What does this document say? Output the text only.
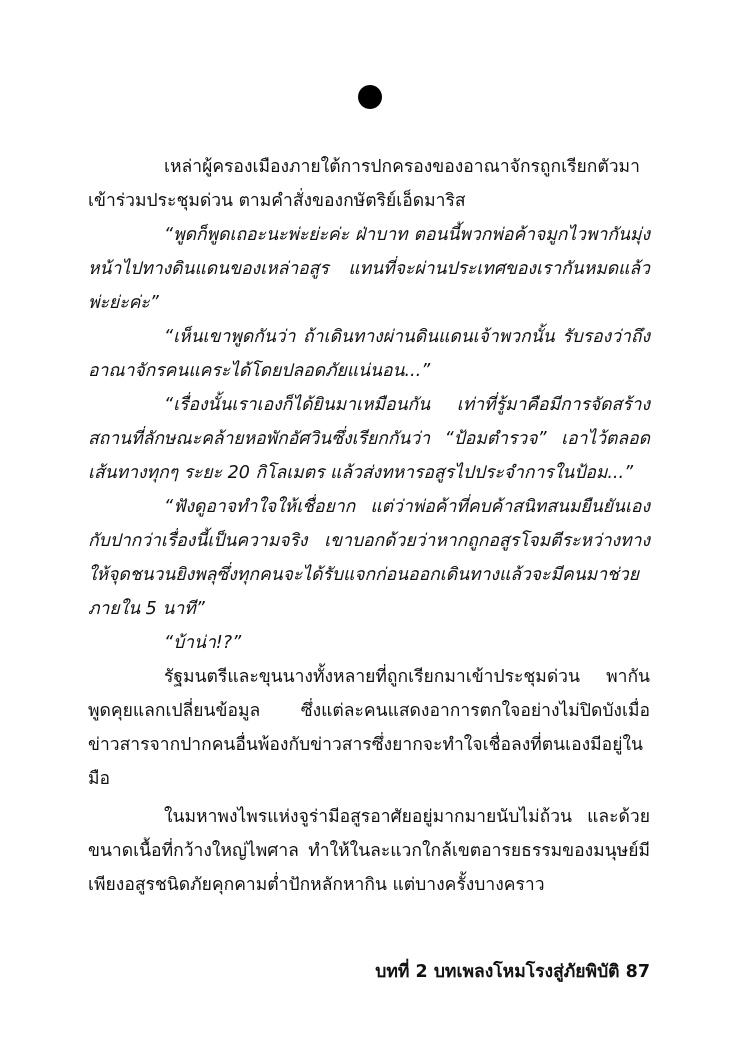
เหล่าผู้ครองเมืองภายใต้การปกครองของอาณาจักรถูกเรียกตัวมาเข้าร่วมประชุมด่วน ตามคำสั่งของกษัตริย์เอ็ดมาริส

“พูดก็พูดเถอะนะพ่ะย่ะค่ะ ฝ่าบาท ตอนนี้พวกพ่อค้าจมูกไวพากันมุ่งหน้าไปทางดินแดนของเหล่าอสูร แทนที่จะผ่านประเทศของเรากันหมดแล้วพ่ะย่ะค่ะ”

“เห็นเขาพูดกันว่า ถ้าเดินทางผ่านดินแดนเจ้าพวกนั้น รับรองว่าถึงอาณาจักรคนแคระได้โดยปลอดภัยแน่นอน...”

“เรื่องนั้นเราเองก็ได้ยินมาเหมือนกัน เท่าที่รู้มาคือมีการจัดสร้างสถานที่ลักษณะคล้ายหอพักอัศวินซึ่งเรียกกันว่า “ป้อมตำรวจ” เอาไว้ตลอดเส้นทางทุกๆ ระยะ 20 กิโลเมตร แล้วส่งทหารอสูรไปประจำการในป้อม...”

“ฟังดูอาจทำใจให้เชื่อยาก แต่ว่าพ่อค้าที่คบค้าสนิทสนมยืนยันเองกับปากว่าเรื่องนี้เป็นความจริง เขาบอกด้วยว่าหากถูกอสูรโจมตีระหว่างทาง ให้จุดชนวนยิงพลุซึ่งทุกคนจะได้รับแจกก่อนออกเดินทางแล้วจะมีคนมาช่วยภายใน 5 นาที”

“บ้าน่า!?”

รัฐมนตรีและขุนนางทั้งหลายที่ถูกเรียกมาเข้าประชุมด่วน พากันพูดคุยแลกเปลี่ยนข้อมูล ซึ่งแต่ละคนแสดงอาการตกใจอย่างไม่ปิดบังเมื่อข่าวสารจากปากคนอื่นพ้องกับข่าวสารซึ่งยากจะทำใจเชื่อลงที่ตนเองมีอยู่ในมือ

ในมหาพงไพรแห่งจูร่ามีอสูรอาศัยอยู่มากมายนับไม่ถ้วน และด้วยขนาดเนื้อที่กว้างใหญ่ไพศาล ทำให้ในละแวกใกล้เขตอารยธรรมของมนุษย์มีเพียงอสูรชนิดภัยคุกคามต่ำปักหลักหากิน แต่บางครั้งบางคราว

บทที่ 2 บทเพลงโหมโรงสู่ภัยพิบัติ 87
